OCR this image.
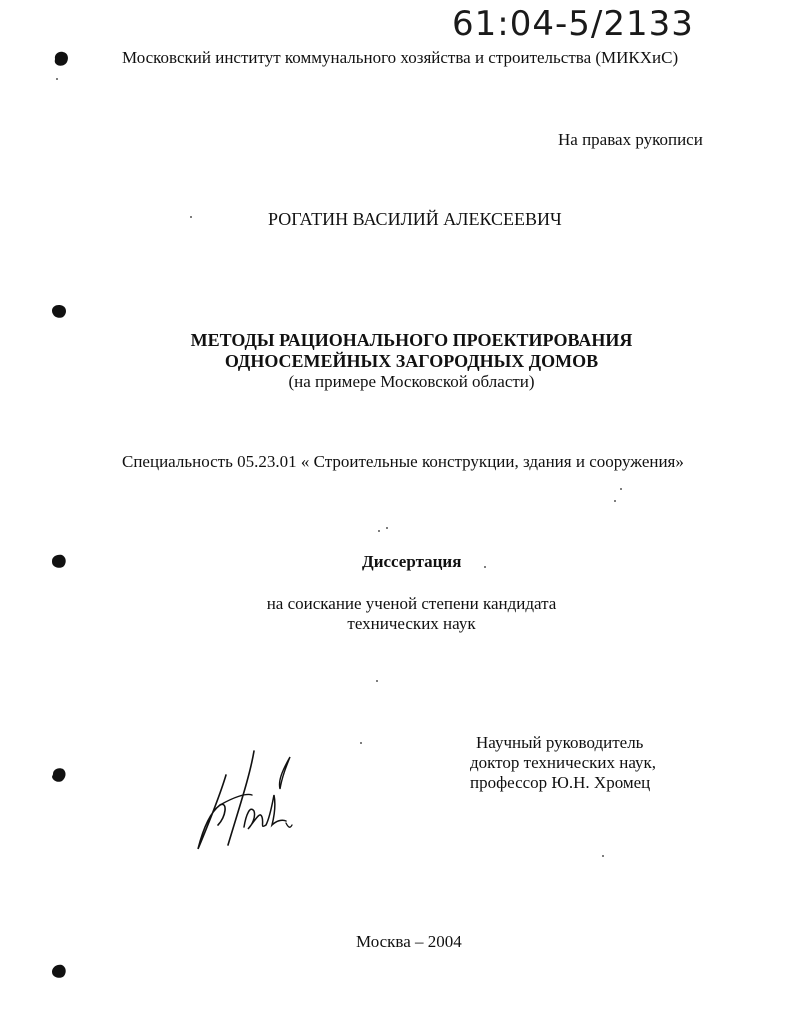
61:04-5/2133
Московский институт коммунального хозяйства и строительства (МИКХиС)
На правах рукописи
РОГАТИН ВАСИЛИЙ АЛЕКСЕЕВИЧ
МЕТОДЫ РАЦИОНАЛЬНОГО ПРОЕКТИРОВАНИЯ
ОДНОСЕМЕЙНЫХ ЗАГОРОДНЫХ ДОМОВ
(на примере Московской области)
Специальность 05.23.01 « Строительные конструкции, здания и сооружения»
Диссертация
на соискание ученой степени кандидата
технических наук
Научный руководитель
доктор технических наук,
профессор Ю.Н. Хромец
Москва – 2004
